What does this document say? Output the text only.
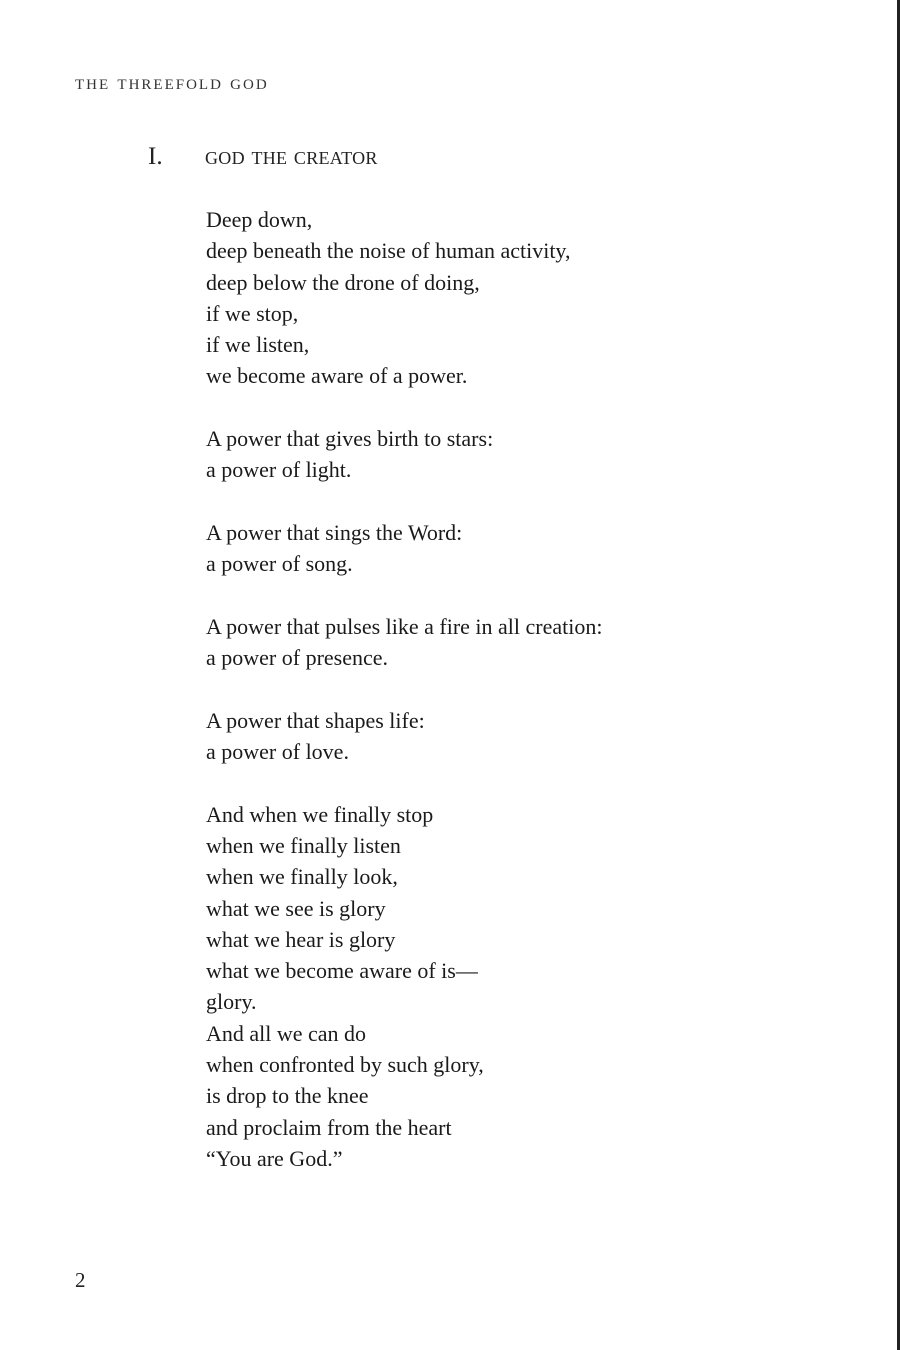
the threefold god
I.	god the creator
Deep down,
deep beneath the noise of human activity,
deep below the drone of doing,
if we stop,
if we listen,
we become aware of a power.
A power that gives birth to stars:
a power of light.
A power that sings the Word:
a power of song.
A power that pulses like a fire in all creation:
a power of presence.
A power that shapes life:
a power of love.
And when we finally stop
when we finally listen
when we finally look,
what we see is glory
what we hear is glory
what we become aware of is—
glory.
And all we can do
when confronted by such glory,
is drop to the knee
and proclaim from the heart
“You are God.”
2
